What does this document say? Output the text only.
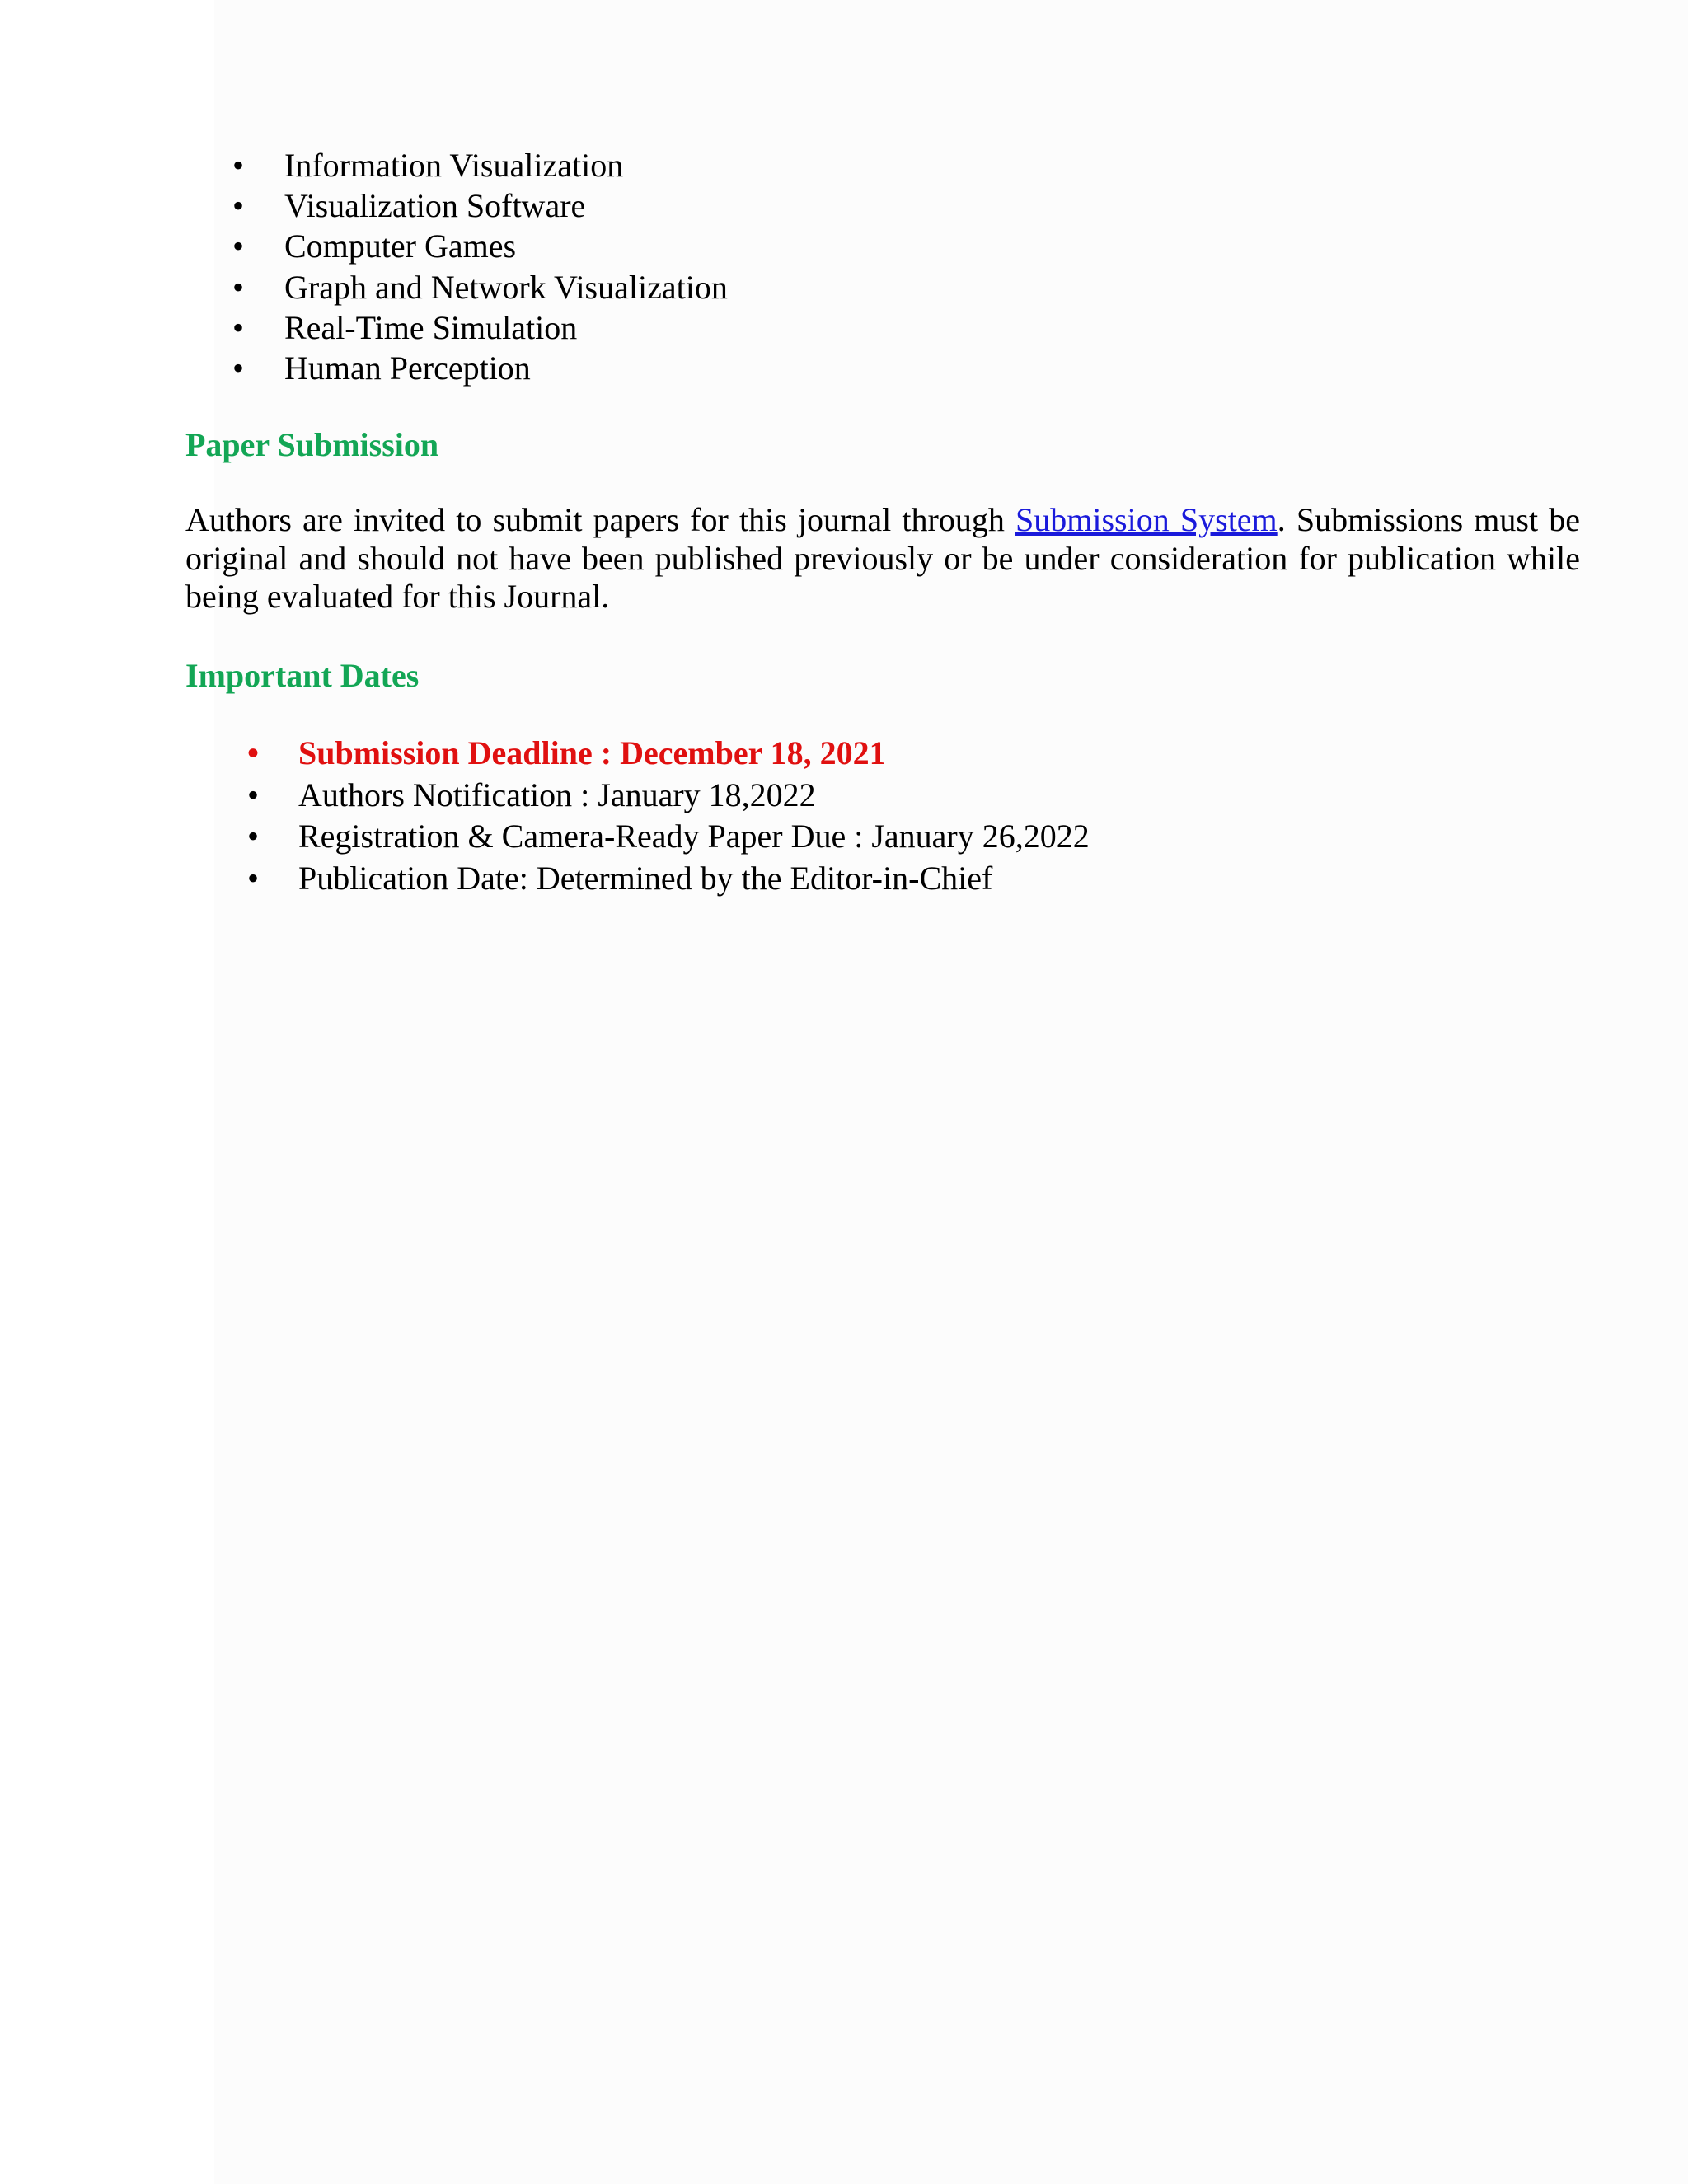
• Information Visualization
• Visualization Software
• Computer Games
• Graph and Network Visualization
• Real-Time Simulation
• Human Perception
Paper Submission

Authors are invited to submit papers for this journal through Submission System. Submissions must be original and should not have been published previously or be under consideration for publication while being evaluated for this Journal.

Important Dates
• Submission Deadline : December 18, 2021
• Authors Notification : January 18,2022
• Registration & Camera-Ready Paper Due : January 26,2022
• Publication Date: Determined by the Editor-in-Chief
